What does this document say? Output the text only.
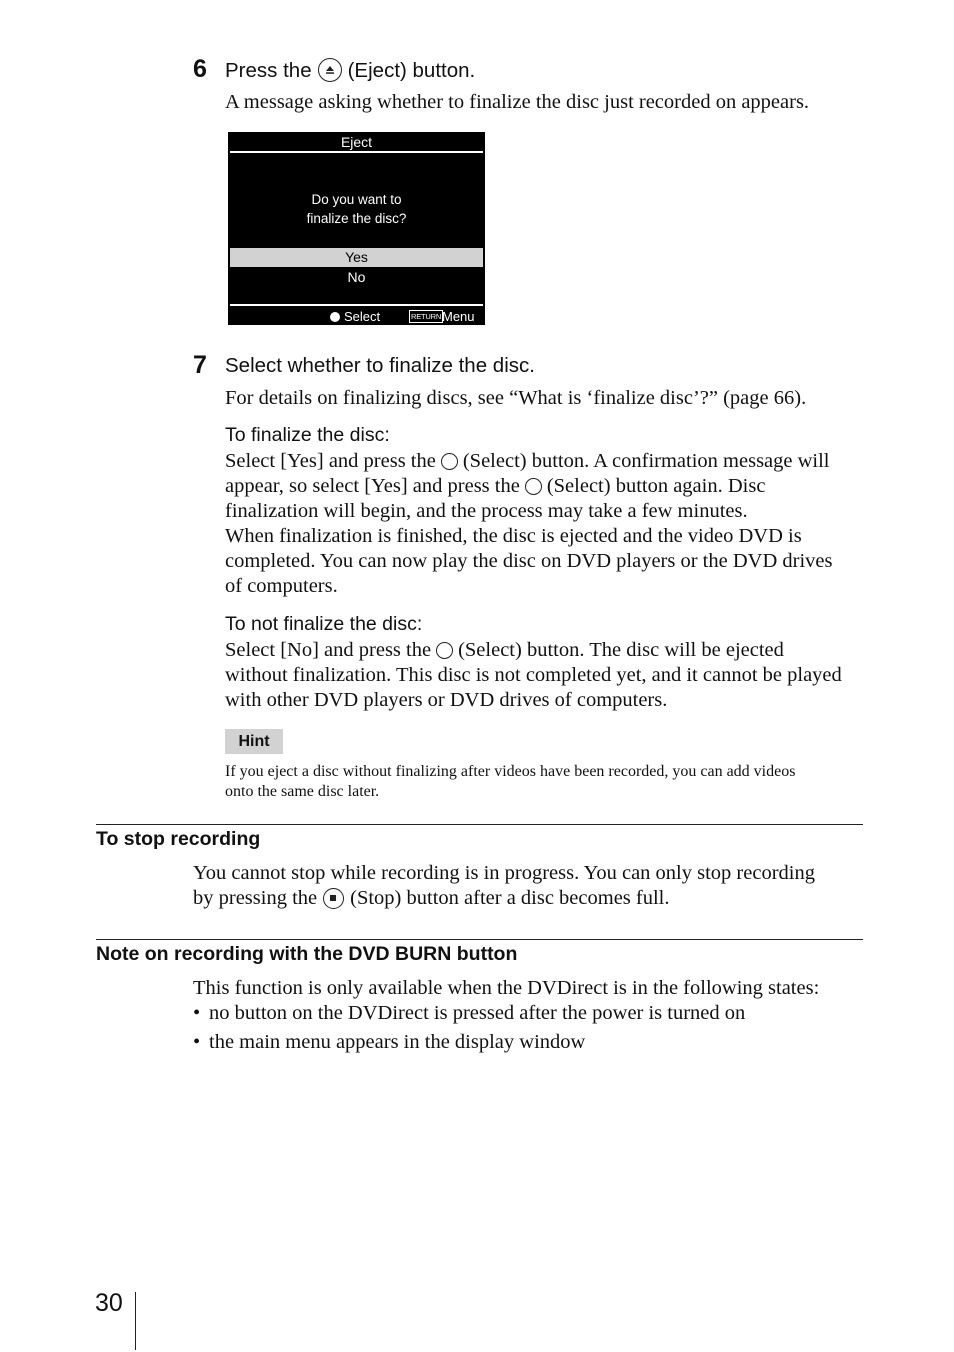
6 Press the (Eject) button.
A message asking whether to finalize the disc just recorded on appears.
Eject
Do you want to
finalize the disc?
Yes
No
Select	RETURN Menu
7 Select whether to finalize the disc.
For details on finalizing discs, see “What is ‘finalize disc’?” (page 66).
To finalize the disc:
Select [Yes] and press the (Select) button. A confirmation message will
appear, so select [Yes] and press the (Select) button again. Disc
finalization will begin, and the process may take a few minutes.
When finalization is finished, the disc is ejected and the video DVD is
completed. You can now play the disc on DVD players or the DVD drives
of computers.
To not finalize the disc:
Select [No] and press the (Select) button. The disc will be ejected
without finalization. This disc is not completed yet, and it cannot be played
with other DVD players or DVD drives of computers.
Hint
If you eject a disc without finalizing after videos have been recorded, you can add videos
onto the same disc later.
To stop recording
You cannot stop while recording is in progress. You can only stop recording
by pressing the (Stop) button after a disc becomes full.
Note on recording with the DVD BURN button
This function is only available when the DVDirect is in the following states:
• no button on the DVDirect is pressed after the power is turned on
• the main menu appears in the display window
30
